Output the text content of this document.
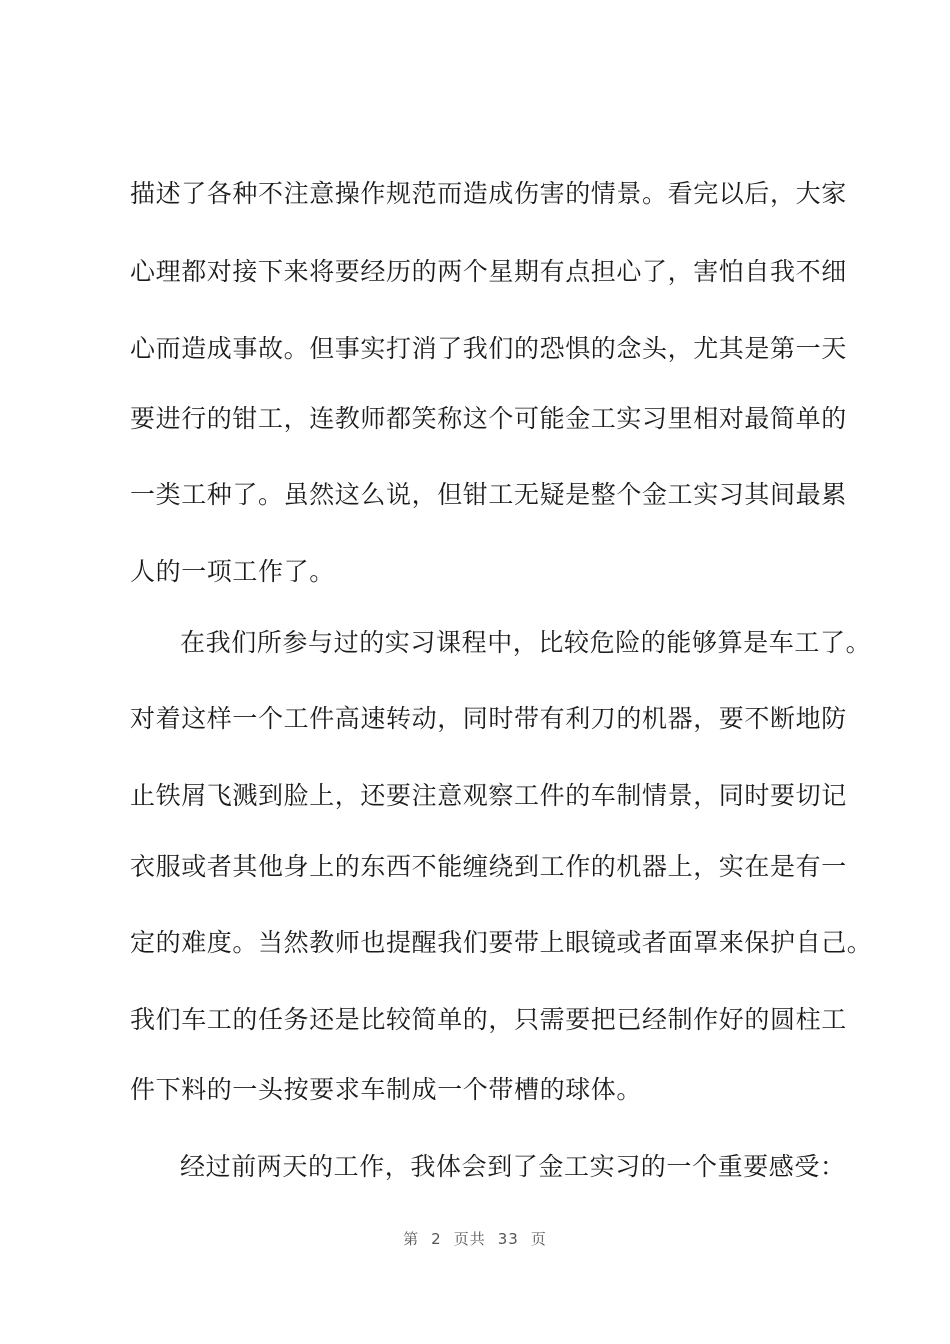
描述了各种不注意操作规范而造成伤害的情景。看完以后，大家
心理都对接下来将要经历的两个星期有点担心了，害怕自我不细
心而造成事故。但事实打消了我们的恐惧的念头，尤其是第一天
要进行的钳工，连教师都笑称这个可能金工实习里相对最简单的
一类工种了。虽然这么说，但钳工无疑是整个金工实习其间最累
人的一项工作了。
在我们所参与过的实习课程中，比较危险的能够算是车工了。
对着这样一个工件高速转动，同时带有利刀的机器，要不断地防
止铁屑飞溅到脸上，还要注意观察工件的车制情景，同时要切记
衣服或者其他身上的东西不能缠绕到工作的机器上，实在是有一
定的难度。当然教师也提醒我们要带上眼镜或者面罩来保护自己。
我们车工的任务还是比较简单的，只需要把已经制作好的圆柱工
件下料的一头按要求车制成一个带槽的球体。
经过前两天的工作，我体会到了金工实习的一个重要感受：
第 2 页共 33 页
